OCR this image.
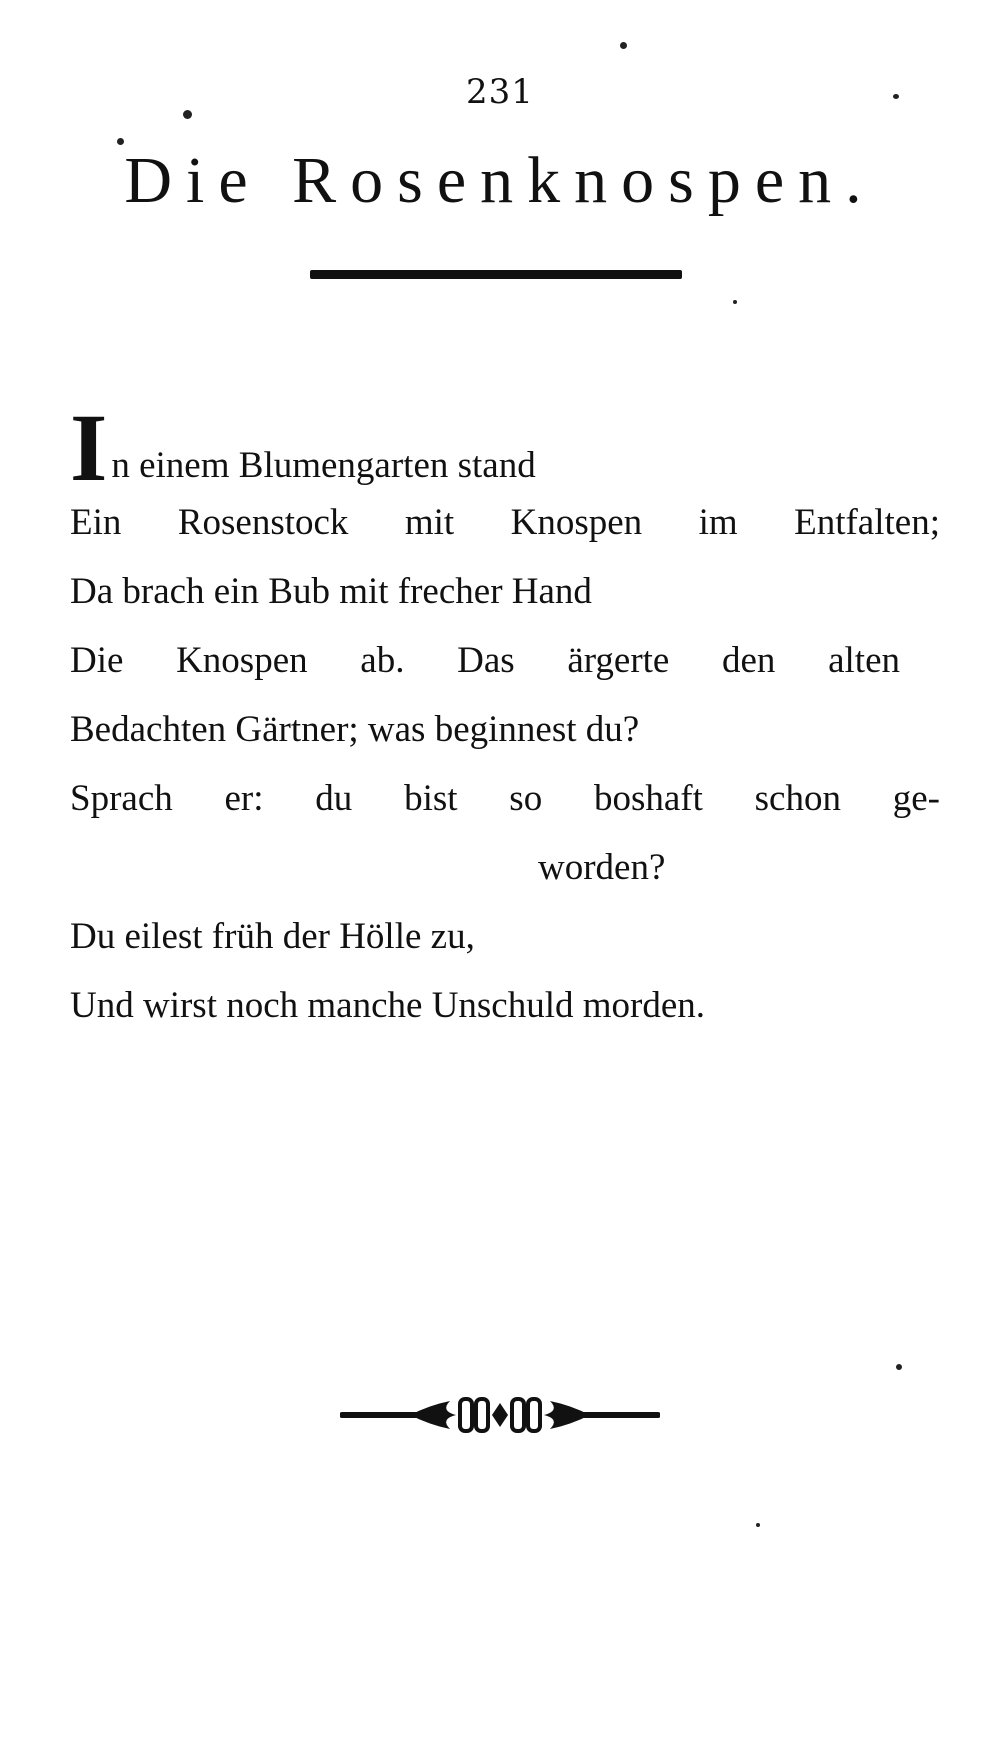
231
Die Rosenknospen.
I n einem Blumengarten stand
Ein Rosenstock mit Knospen im Entfalten;
Da brach ein Bub mit frecher Hand
Die Knospen ab. Das ärgerte den alten
Bedachten Gärtner; was beginnest du?
Sprach er: du bist so boshaft schon ge-
worden?
Du eilest früh der Hölle zu,
Und wirst noch manche Unschuld morden.
